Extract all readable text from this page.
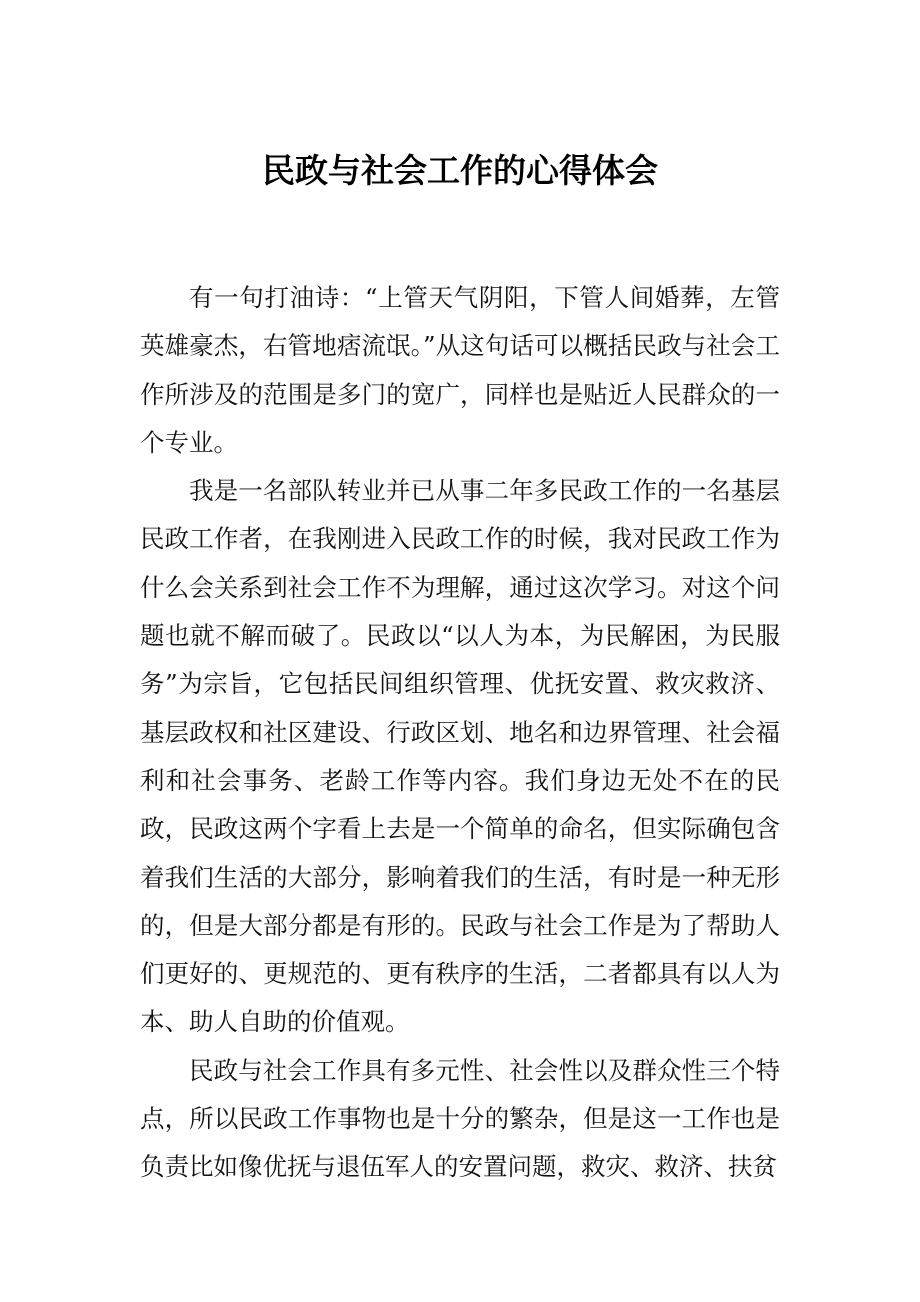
民政与社会工作的心得体会

有一句打油诗：“上管天气阴阳，下管人间婚葬，左管英雄豪杰，右管地痞流氓。”从这句话可以概括民政与社会工作所涉及的范围是多门的宽广，同样也是贴近人民群众的一个专业。

我是一名部队转业并已从事二年多民政工作的一名基层民政工作者，在我刚进入民政工作的时候，我对民政工作为什么会关系到社会工作不为理解，通过这次学习。对这个问题也就不解而破了。民政以“以人为本，为民解困，为民服务”为宗旨，它包括民间组织管理、优抚安置、救灾救济、基层政权和社区建设、行政区划、地名和边界管理、社会福利和社会事务、老龄工作等内容。我们身边无处不在的民政，民政这两个字看上去是一个简单的命名，但实际确包含着我们生活的大部分，影响着我们的生活，有时是一种无形的，但是大部分都是有形的。民政与社会工作是为了帮助人们更好的、更规范的、更有秩序的生活，二者都具有以人为本、助人自助的价值观。

民政与社会工作具有多元性、社会性以及群众性三个特点，所以民政工作事物也是十分的繁杂，但是这一工作也是负责比如像优抚与退伍军人的安置问题，救灾、救济、扶贫
